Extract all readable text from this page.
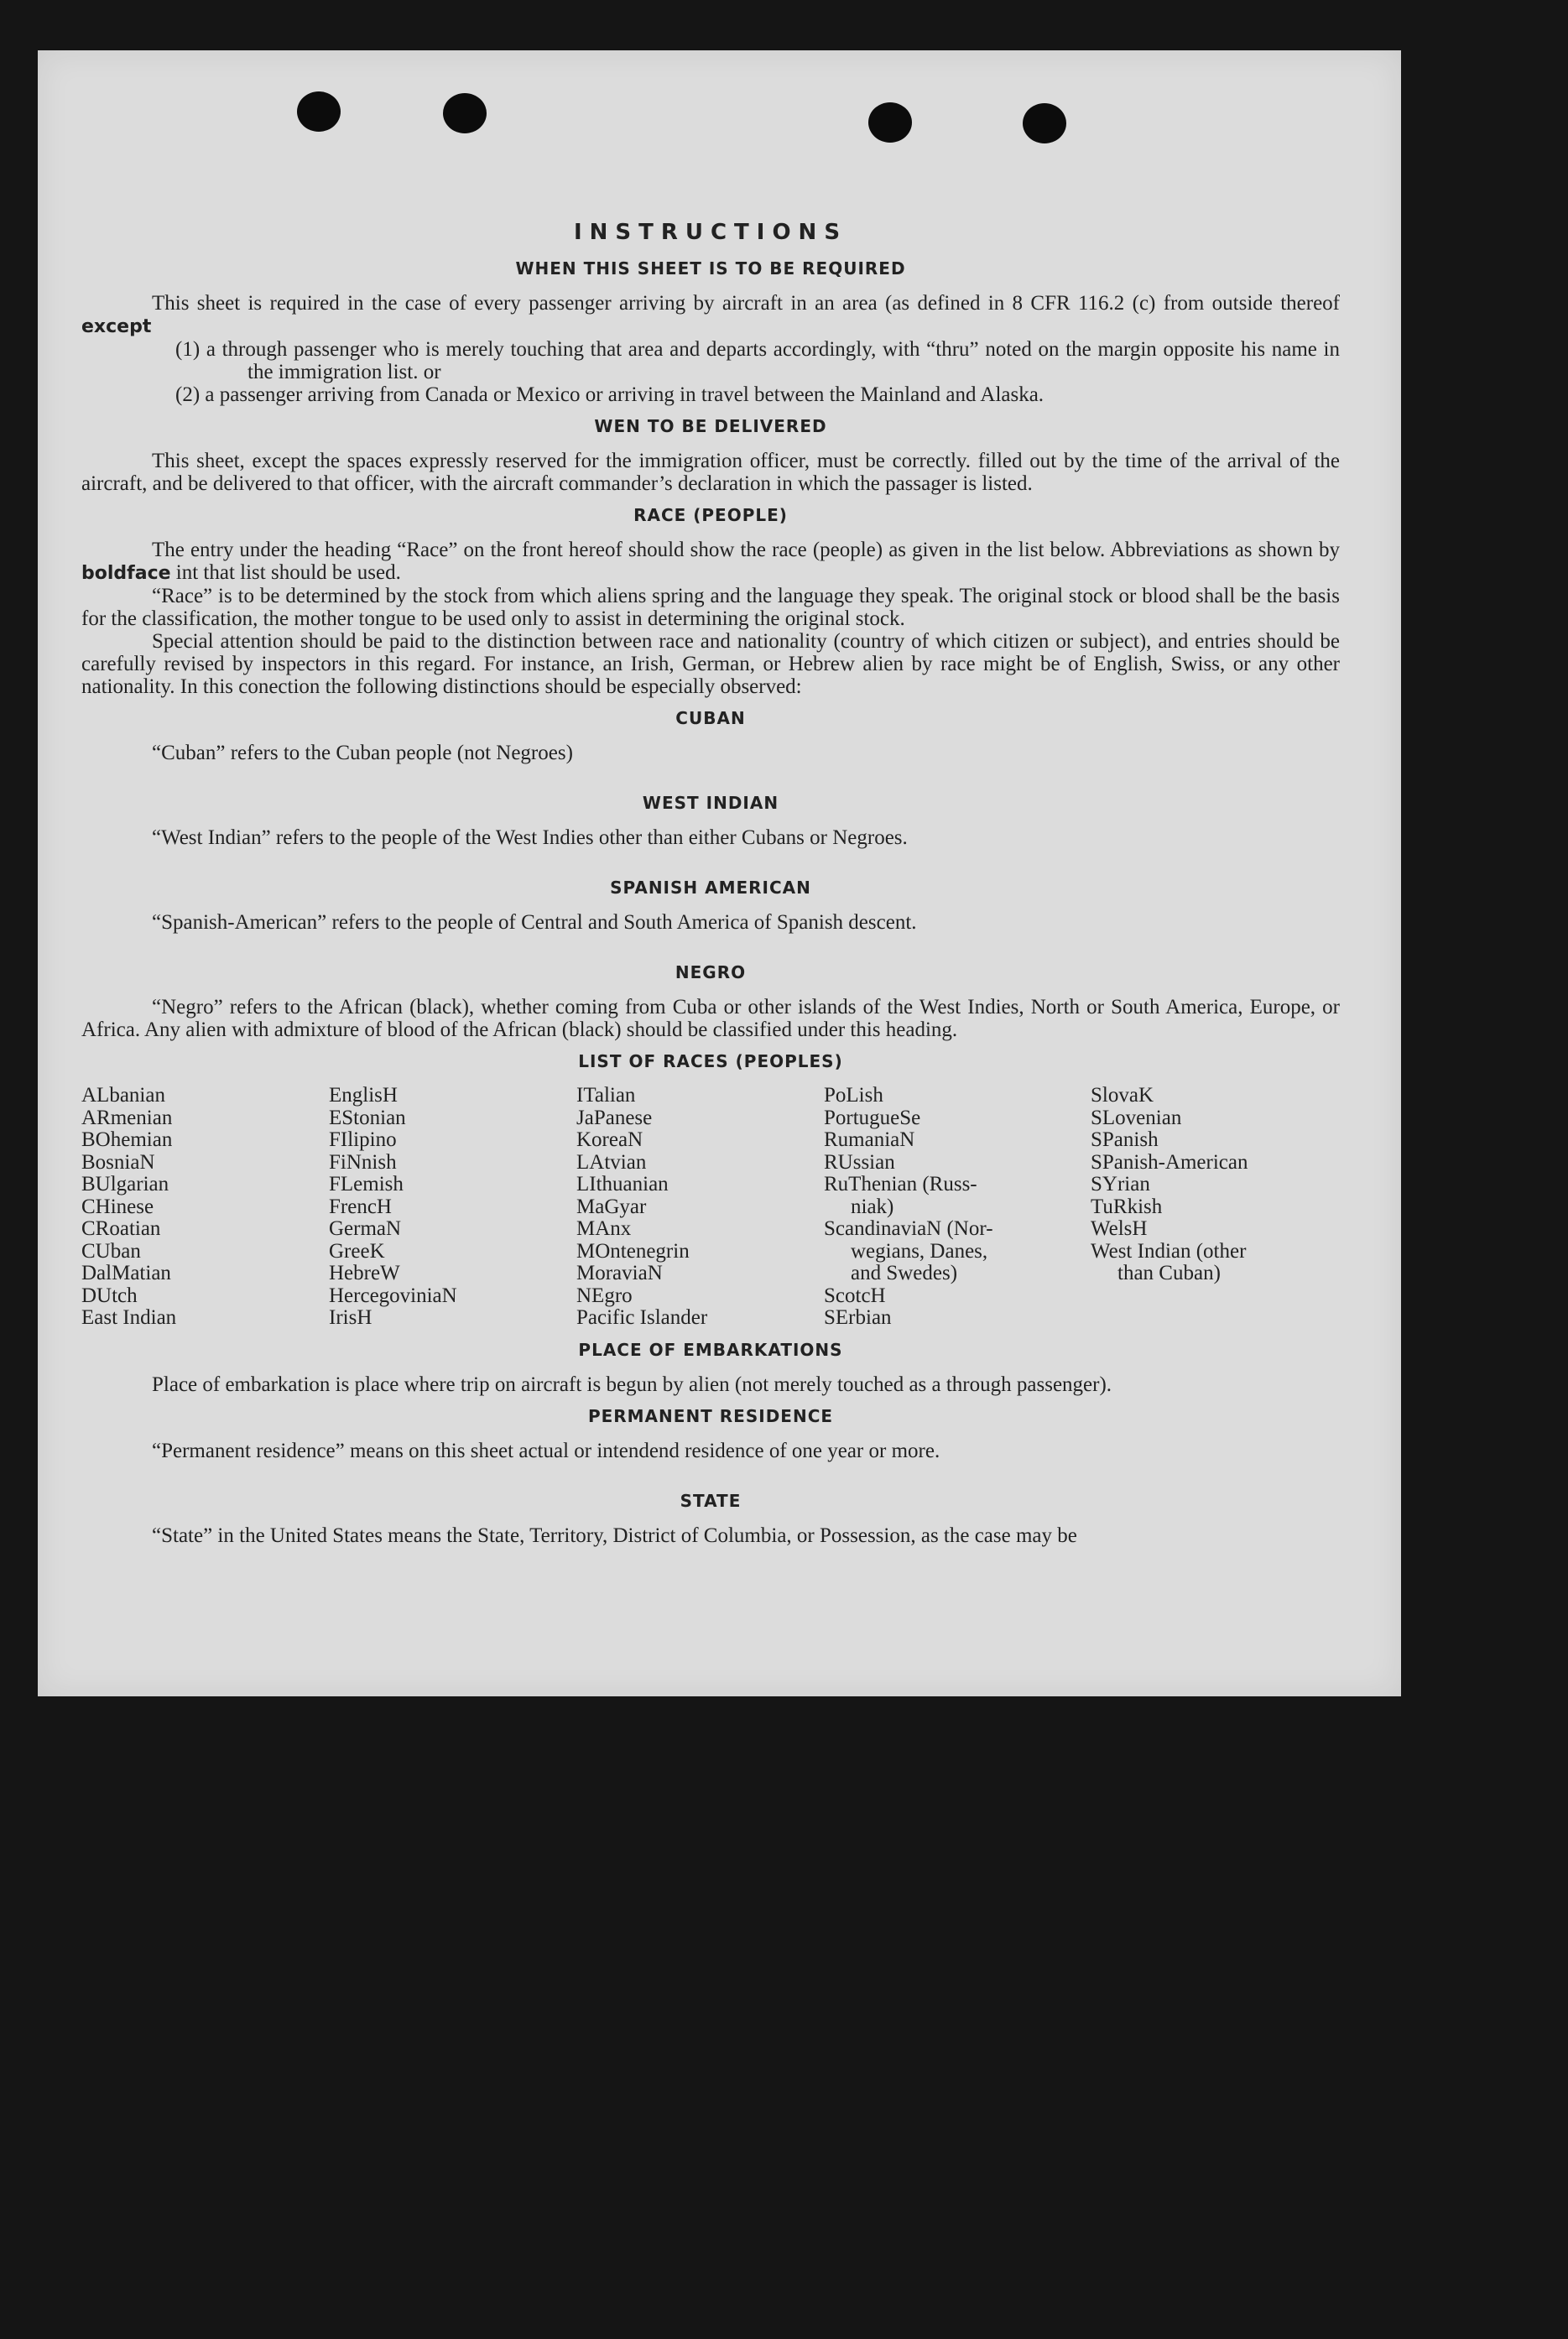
INSTRUCTIONS
WHEN THIS SHEET IS TO BE REQUIRED

This sheet is required in the case of every passenger arriving by aircraft in an area (as defined in 8 CFR 116.2 (c) from outside thereof except

(1) a through passenger who is merely touching that area and departs accordingly, with “thru” noted on the margin opposite his name in the immigration list. or
(2) a passenger arriving from Canada or Mexico or arriving in travel between the Mainland and Alaska.
WEN TO BE DELIVERED

This sheet, except the spaces expressly reserved for the immigration officer, must be correctly. filled out by the time of the arrival of the aircraft, and be delivered to that officer, with the aircraft commander’s declaration in which the passager is listed.

RACE (PEOPLE)

The entry under the heading “Race” on the front hereof should show the race (people) as given in the list below. Abbreviations as shown by boldface int that list should be used.

“Race” is to be determined by the stock from which aliens spring and the language they speak. The original stock or blood shall be the basis for the classification, the mother tongue to be used only to assist in determining the original stock.

Special attention should be paid to the distinction between race and nationality (country of which citizen or subject), and entries should be carefully revised by inspectors in this regard. For instance, an Irish, German, or Hebrew alien by race might be of English, Swiss, or any other nationality. In this conection the following distinctions should be especially observed:

CUBAN

“Cuban” refers to the Cuban people (not Negroes)

WEST INDIAN

“West Indian” refers to the people of the West Indies other than either Cubans or Negroes.

SPANISH AMERICAN

“Spanish-American” refers to the people of Central and South America of Spanish descent.

NEGRO

“Negro” refers to the African (black), whether coming from Cuba or other islands of the West Indies, North or South America, Europe, or Africa. Any alien with admixture of blood of the African (black) should be classified under this heading.

LIST OF RACES (PEOPLES)
ALbanian
ARmenian
BOhemian
BosniaN
BUlgarian
CHinese
CRoatian
CUban
DalMatian
DUtch
East Indian
EnglisH
EStonian
FIlipino
FiNnish
FLemish
FrencH
GermaN
GreeK
HebreW
HercegoviniaN
IrisH
ITalian
JaPanese
KoreaN
LAtvian
LIthuanian
MaGyar
MAnx
MOntenegrin
MoraviaN
NEgro
Pacific Islander
PoLish
PortugueSe
RumaniaN
RUssian
RuThenian (Russ-
niak)
ScandinaviaN (Nor-
wegians, Danes,
and Swedes)
ScotcH
SErbian
SlovaK
SLovenian
SPanish
SPanish-American
SYrian
TuRkish
WelsH
West Indian (other
than Cuban)
PLACE OF EMBARKATIONS

Place of embarkation is place where trip on aircraft is begun by alien (not merely touched as a through passenger).

PERMANENT RESIDENCE

“Permanent residence” means on this sheet actual or intendend residence of one year or more.

STATE

“State” in the United States means the State, Territory, District of Columbia, or Possession, as the case may be
